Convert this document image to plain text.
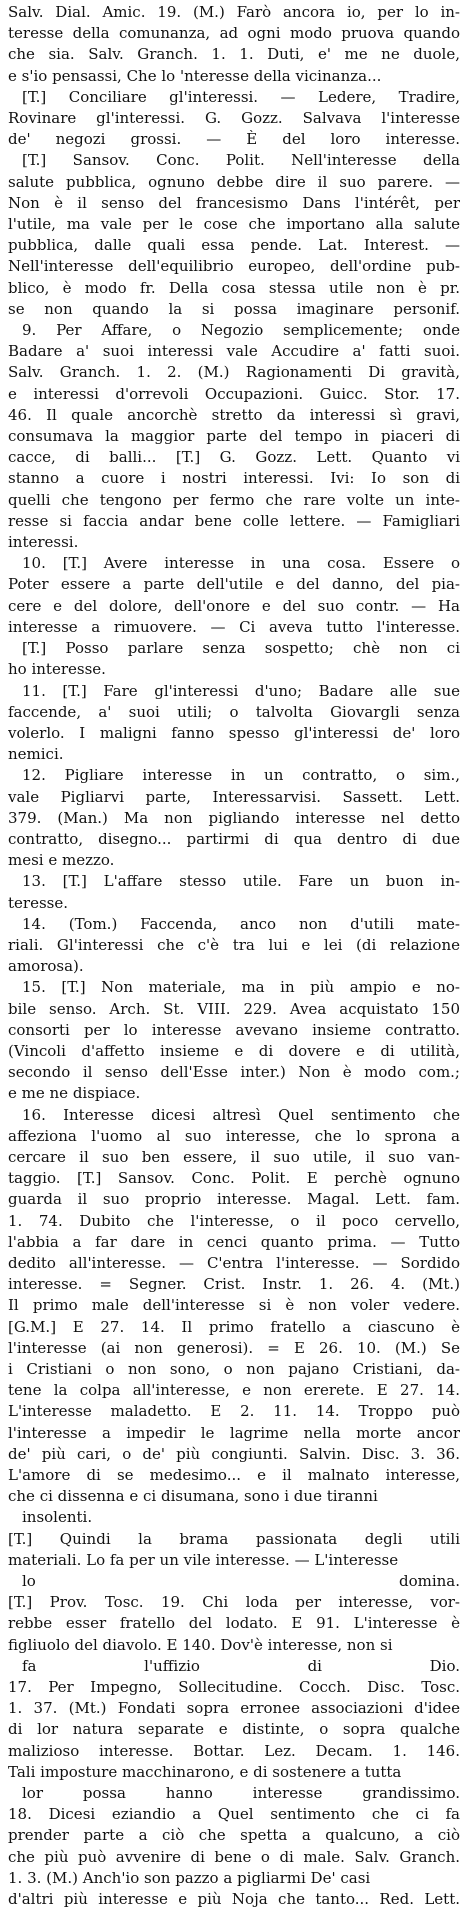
Salv. Dial. Amic. 19. (M.) Farò ancora io, per lo in-
teresse della comunanza, ad ogni modo pruova quando
che sia. Salv. Granch. 1. 1. Duti, e' me ne duole,
e s'io pensassi, Che lo 'nteresse della vicinanza...
[T.] Conciliare gl'interessi. — Ledere, Tradire,
Rovinare gl'interessi. G. Gozz. Salvava l'interesse
de' negozi grossi. — È del loro interesse.
[T.] Sansov. Conc. Polit. Nell'interesse della
salute pubblica, ognuno debbe dire il suo parere. —
Non è il senso del francesismo Dans l'intérêt, per
l'utile, ma vale per le cose che importano alla salute
pubblica, dalle quali essa pende. Lat. Interest. —
Nell'interesse dell'equilibrio europeo, dell'ordine pub-
blico, è modo fr. Della cosa stessa utile non è pr.
se non quando la si possa imaginare personif.
9. Per Affare, o Negozio semplicemente; onde
Badare a' suoi interessi vale Accudire a' fatti suoi.
Salv. Granch. 1. 2. (M.) Ragionamenti Di gravità,
e interessi d'orrevoli Occupazioni. Guicc. Stor. 17.
46. Il quale ancorchè stretto da interessi sì gravi,
consumava la maggior parte del tempo in piaceri di
cacce, di balli... [T.] G. Gozz. Lett. Quanto vi
stanno a cuore i nostri interessi. Ivi: Io son di
quelli che tengono per fermo che rare volte un inte-
resse si faccia andar bene colle lettere. — Famigliari
interessi.
10. [T.] Avere interesse in una cosa. Essere o
Poter essere a parte dell'utile e del danno, del pia-
cere e del dolore, dell'onore e del suo contr. — Ha
interesse a rimuovere. — Ci aveva tutto l'interesse.
[T.] Posso parlare senza sospetto; chè non ci
ho interesse.
11. [T.] Fare gl'interessi d'uno; Badare alle sue
faccende, a' suoi utili; o talvolta Giovargli senza
volerlo. I maligni fanno spesso gl'interessi de' loro
nemici.
12. Pigliare interesse in un contratto, o sim.,
vale Pigliarvi parte, Interessarvisi. Sassett. Lett.
379. (Man.) Ma non pigliando interesse nel detto
contratto, disegno... partirmi di qua dentro di due
mesi e mezzo.
13. [T.] L'affare stesso utile. Fare un buon in-
teresse.
14. (Tom.) Faccenda, anco non d'utili mate-
riali. Gl'interessi che c'è tra lui e lei (di relazione
amorosa).
15. [T.] Non materiale, ma in più ampio e no-
bile senso. Arch. St. VIII. 229. Avea acquistato 150
consorti per lo interesse avevano insieme contratto.
(Vincoli d'affetto insieme e di dovere e di utilità,
secondo il senso dell'Esse inter.) Non è modo com.;
e me ne dispiace.
16. Interesse dicesi altresì Quel sentimento che
affeziona l'uomo al suo interesse, che lo sprona a
cercare il suo ben essere, il suo utile, il suo van-
taggio. [T.] Sansov. Conc. Polit. E perchè ognuno
guarda il suo proprio interesse. Magal. Lett. fam.
1. 74. Dubito che l'interesse, o il poco cervello,
l'abbia a far dare in cenci quanto prima. — Tutto
dedito all'interesse. — C'entra l'interesse. — Sordido
interesse. = Segner. Crist. Instr. 1. 26. 4. (Mt.)
Il primo male dell'interesse si è non voler vedere.
[G.M.] E 27. 14. Il primo fratello a ciascuno è
l'interesse (ai non generosi). = E 26. 10. (M.) Se
i Cristiani o non sono, o non pajano Cristiani, da-
tene la colpa all'interesse, e non ererete. E 27. 14.
L'interesse maladetto. E 2. 11. 14. Troppo può
l'interesse a impedir le lagrime nella morte ancor
de' più cari, o de' più congiunti. Salvin. Disc. 3. 36.
L'amore di se medesimo... e il malnato interesse,
che ci dissenna e ci disumana, sono i due tiranni
insolenti.
[T.] Quindi la brama passionata degli utili
materiali. Lo fa per un vile interesse. — L'interesse
lo domina.
[T.] Prov. Tosc. 19. Chi loda per interesse, vor-
rebbe esser fratello del lodato. E 91. L'interesse è
figliuolo del diavolo. E 140. Dov'è interesse, non si
fa l'uffizio di Dio.
17. Per Impegno, Sollecitudine. Cocch. Disc. Tosc.
1. 37. (Mt.) Fondati sopra erronee associazioni d'idee
di lor natura separate e distinte, o sopra qualche
malizioso interesse. Bottar. Lez. Decam. 1. 146.
Tali imposture macchinarono, e di sostenere a tutta
lor possa hanno interesse grandissimo.
18. Dicesi eziandio a Quel sentimento che ci fa
prender parte a ciò che spetta a qualcuno, a ciò
che più può avvenire di bene o di male. Salv. Granch.
1. 3. (M.) Anch'io son pazzo a pigliarmi De' casi
d'altri più interesse e più Noja che tanto... Red. Lett.
